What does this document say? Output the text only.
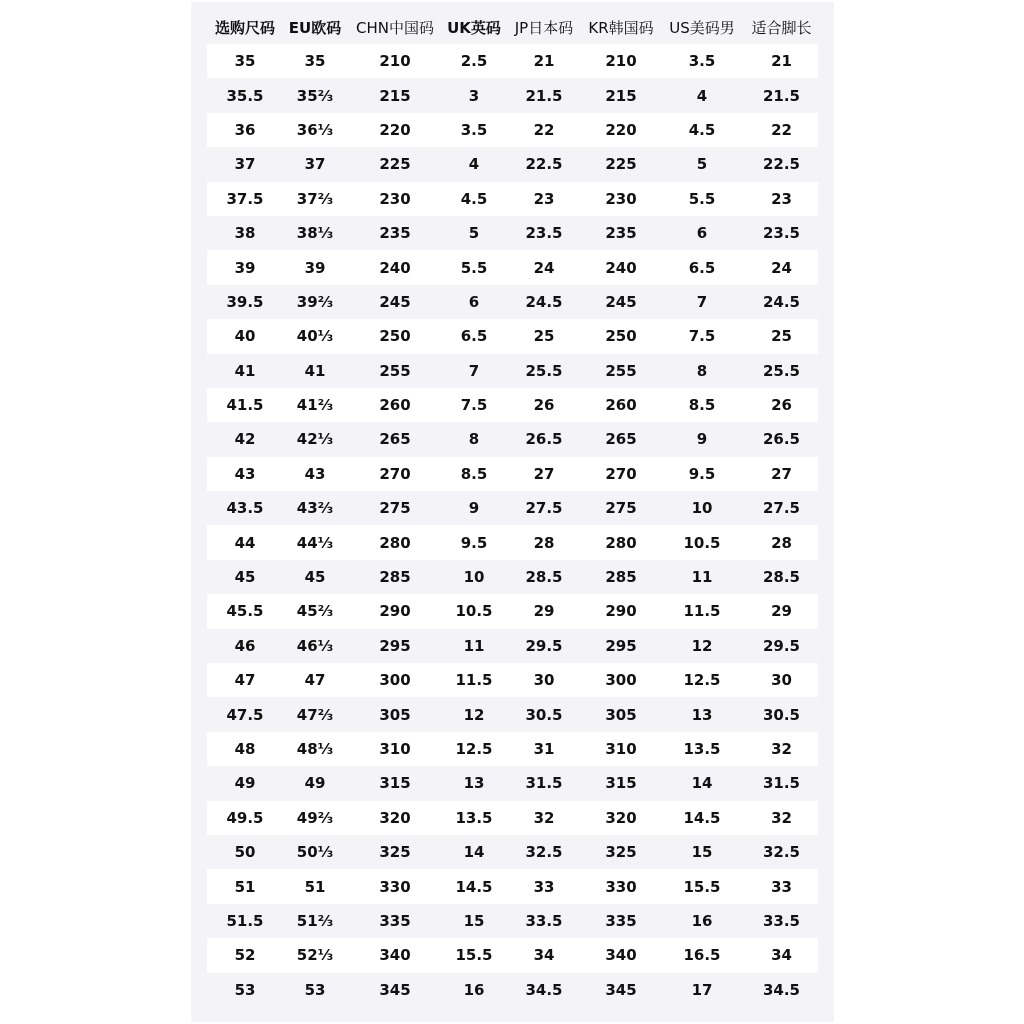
选购尺码 EU欧码 CHN中国码 UK英码 JP日本码	KR韩国码	US美码男	适合脚长
35	35	210	2.5	21	210	3.5	21
35.5	35⅔	215	3	21.5	215	4	21.5
36	36⅓	220	3.5	22	220	4.5	22
37	37	225	4	22.5	225	5	22.5
37.5	37⅔	230	4.5	23	230	5.5	23
38	38⅓	235	5	23.5	235	6	23.5
39	39	240	5.5	24	240	6.5	24
39.5	39⅔	245	6	24.5	245	7	24.5
40	40⅓	250	6.5	25	250	7.5	25
41	41	255	7	25.5	255	8	25.5
41.5	41⅔	260	7.5	26	260	8.5	26
42	42⅓	265	8	26.5	265	9	26.5
43	43	270	8.5	27	270	9.5	27
43.5	43⅔	275	9	27.5	275	10	27.5
44	44⅓	280	9.5	28	280	10.5	28
45	45	285	10	28.5	285	11	28.5
45.5	45⅔	290	10.5	29	290	11.5	29
46	46⅓	295	11	29.5	295	12	29.5
47	47	300	11.5	30	300	12.5	30
47.5	47⅔	305	12	30.5	305	13	30.5
48	48⅓	310	12.5	31	310	13.5	32
49	49	315	13	31.5	315	14	31.5
49.5	49⅔	320	13.5	32	320	14.5	32
50	50⅓	325	14	32.5	325	15	32.5
51	51	330	14.5	33	330	15.5	33
51.5	51⅔	335	15	33.5	335	16	33.5
52	52⅓	340	15.5	34	340	16.5	34
53	53	345	16	34.5	345	17	34.5
